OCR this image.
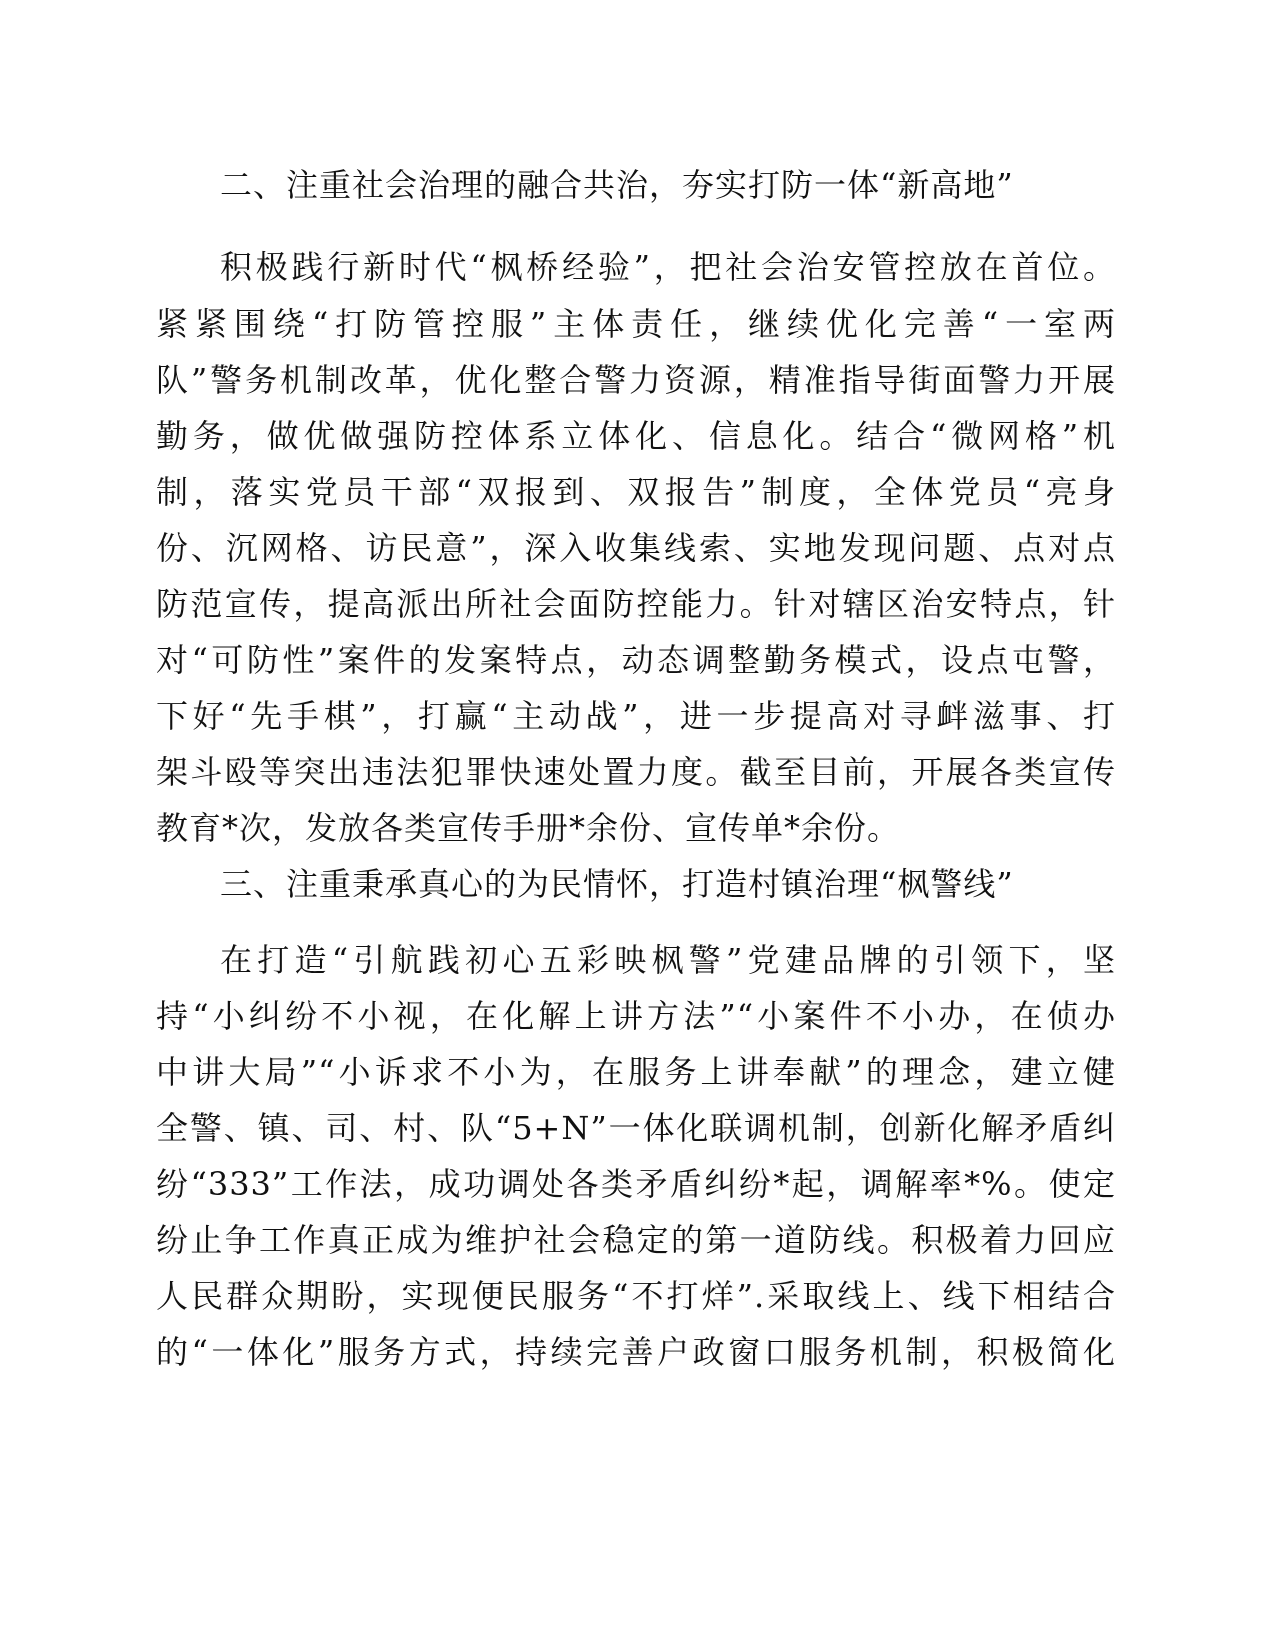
二、注重社会治理的融合共治，夯实打防一体“新高地”
积极践行新时代“枫桥经验”，把社会治安管控放在首位。
紧紧围绕“打防管控服”主体责任，继续优化完善“一室两
队”警务机制改革，优化整合警力资源，精准指导街面警力开展
勤务，做优做强防控体系立体化、信息化。结合“微网格”机
制，落实党员干部“双报到、双报告”制度，全体党员“亮身
份、沉网格、访民意”，深入收集线索、实地发现问题、点对点
防范宣传，提高派出所社会面防控能力。针对辖区治安特点，针
对“可防性”案件的发案特点，动态调整勤务模式，设点屯警，
下好“先手棋”，打赢“主动战”，进一步提高对寻衅滋事、打
架斗殴等突出违法犯罪快速处置力度。截至目前，开展各类宣传
教育*次，发放各类宣传手册*余份、宣传单*余份。
三、注重秉承真心的为民情怀，打造村镇治理“枫警线”
在打造“引航践初心五彩映枫警”党建品牌的引领下，坚
持“小纠纷不小视，在化解上讲方法”“小案件不小办，在侦办
中讲大局”“小诉求不小为，在服务上讲奉献”的理念，建立健
全警、镇、司、村、队“5+N”一体化联调机制，创新化解矛盾纠
纷“333”工作法，成功调处各类矛盾纠纷*起，调解率*%。使定
纷止争工作真正成为维护社会稳定的第一道防线。积极着力回应
人民群众期盼，实现便民服务“不打烊”.采取线上、线下相结合
的“一体化”服务方式，持续完善户政窗口服务机制，积极简化
